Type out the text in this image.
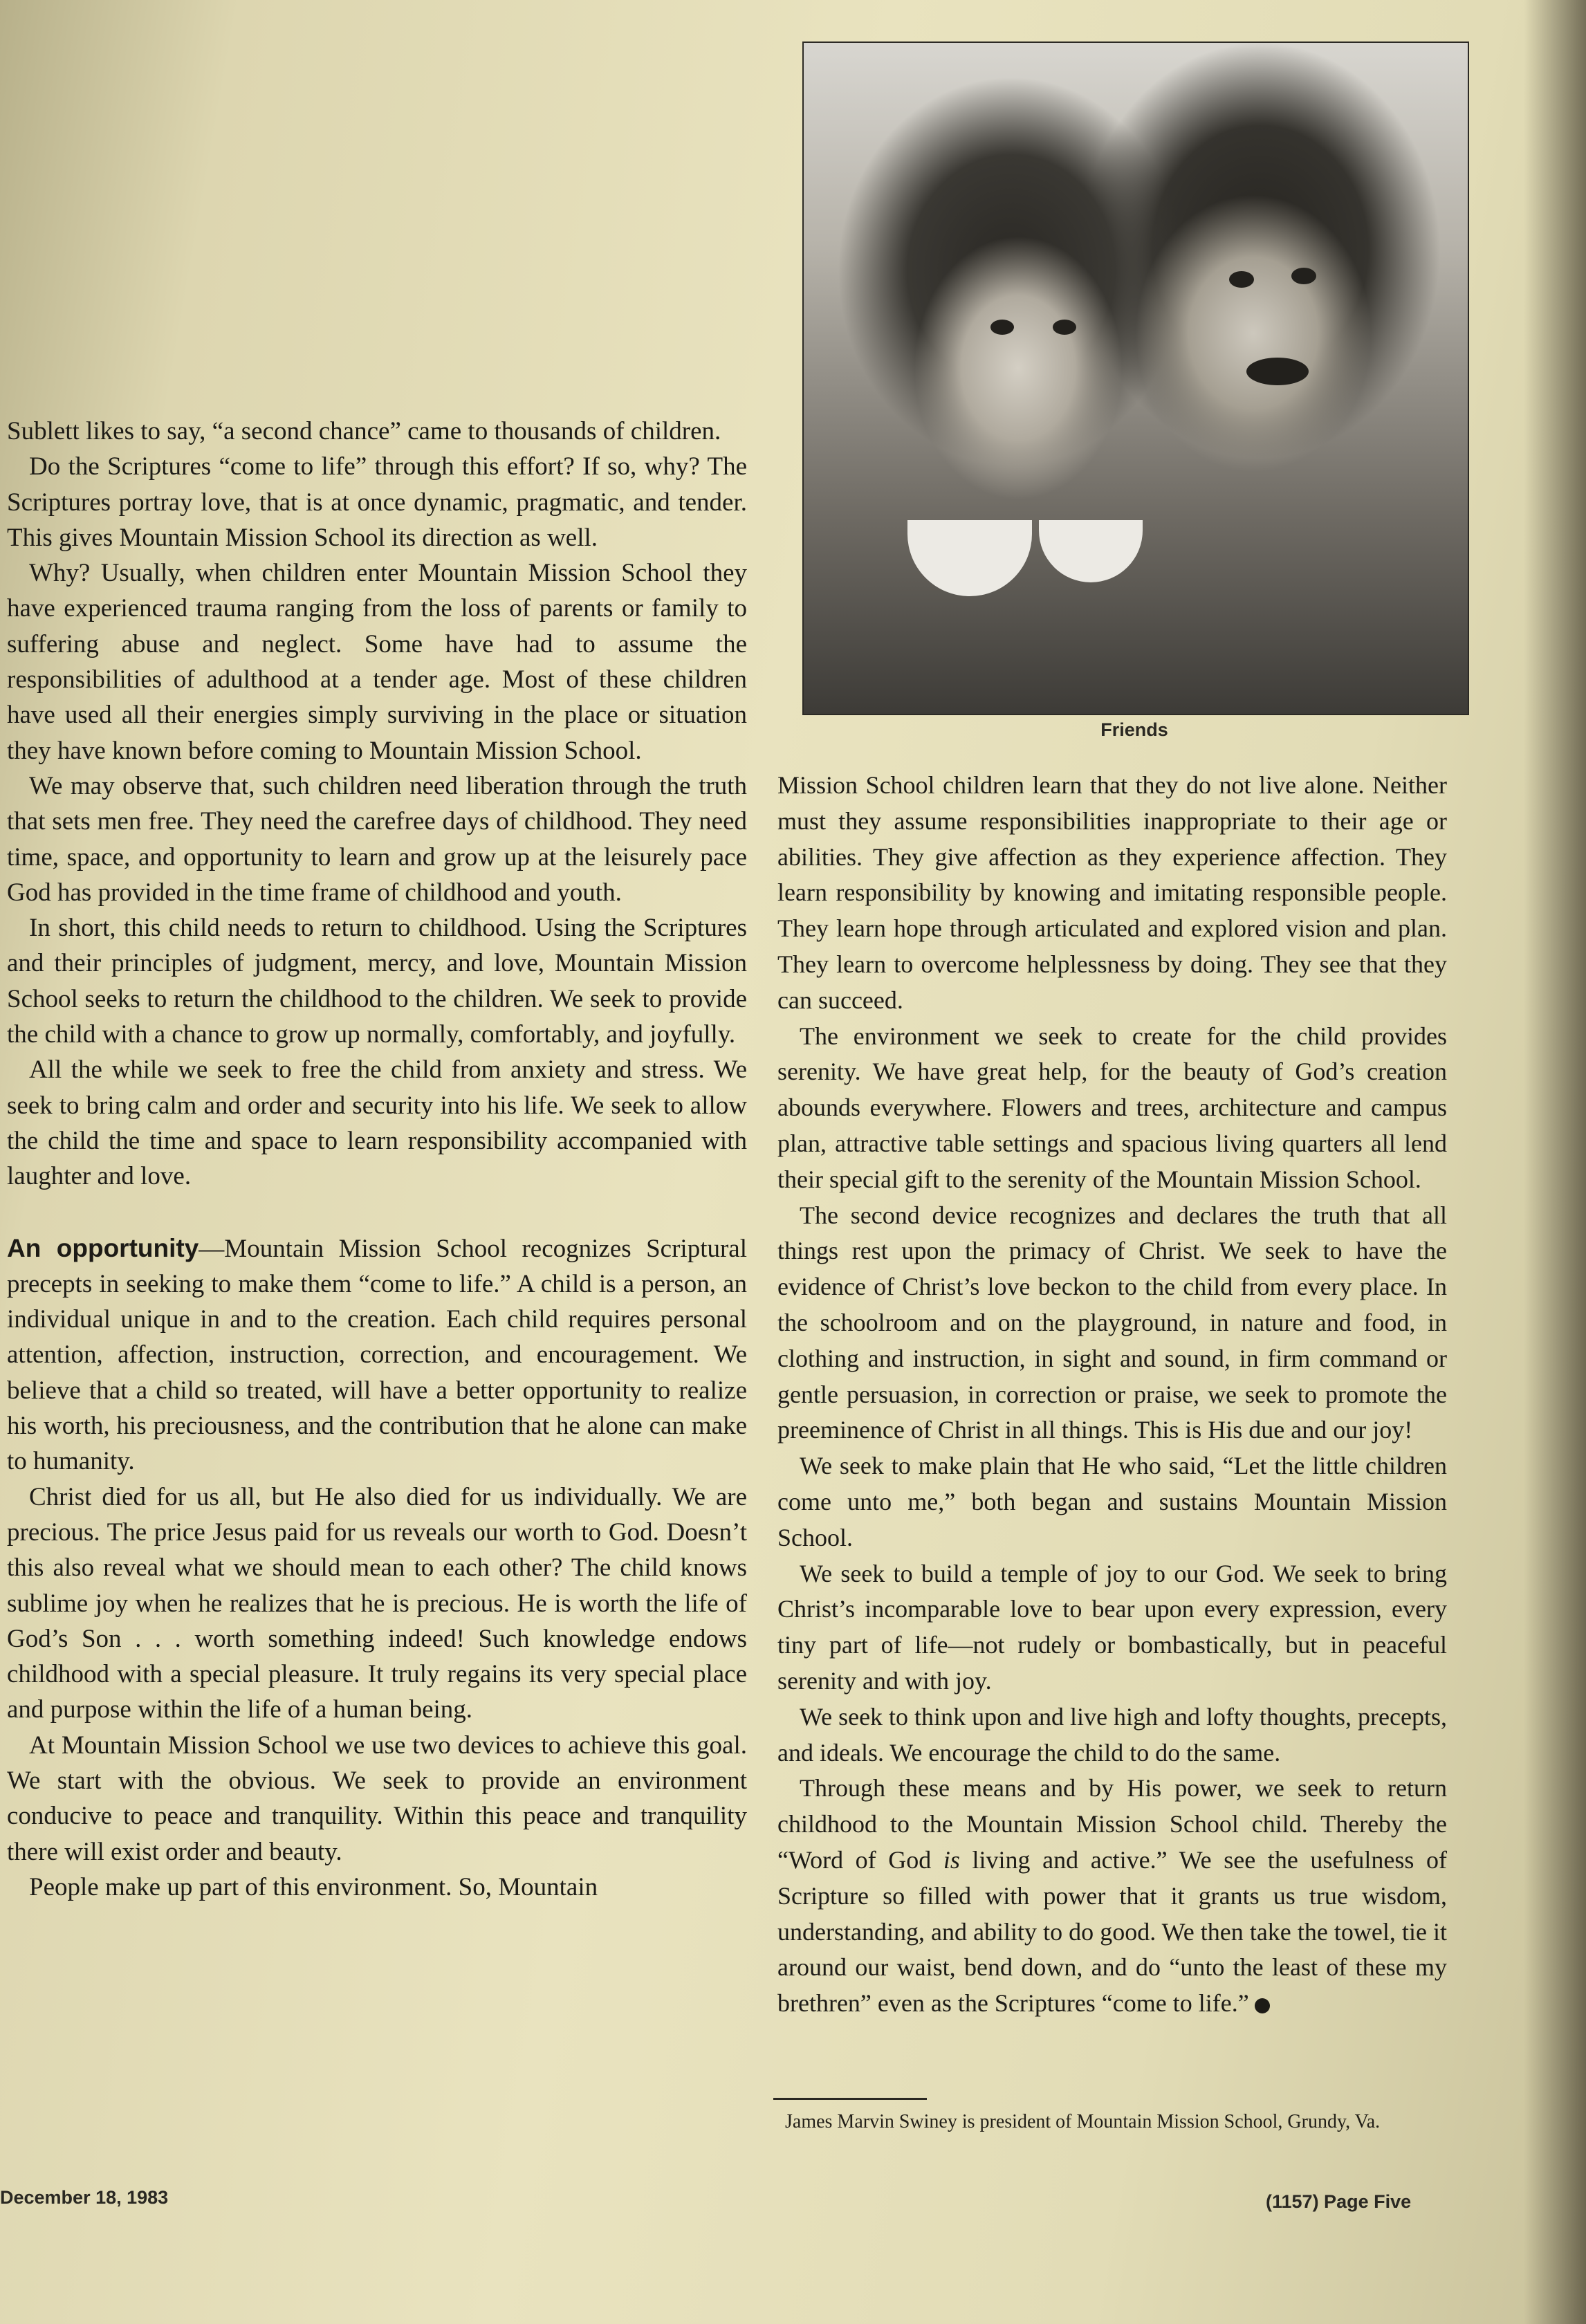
Friends

Sublett likes to say, “a second chance” came to thousands of children.

Do the Scriptures “come to life” through this effort? If so, why? The Scriptures portray love, that is at once dynamic, pragmatic, and tender. This gives Mountain Mission School its direction as well.

Why? Usually, when children enter Mountain Mission School they have experienced trauma ranging from the loss of parents or family to suffering abuse and neglect. Some have had to assume the responsibilities of adulthood at a tender age. Most of these children have used all their energies simply surviving in the place or situation they have known before coming to Mountain Mission School.

We may observe that, such children need liberation through the truth that sets men free. They need the carefree days of childhood. They need time, space, and opportunity to learn and grow up at the leisurely pace God has provided in the time frame of childhood and youth.

In short, this child needs to return to childhood. Using the Scriptures and their principles of judgment, mercy, and love, Mountain Mission School seeks to return the childhood to the children. We seek to provide the child with a chance to grow up normally, comfortably, and joyfully.

All the while we seek to free the child from anxiety and stress. We seek to bring calm and order and security into his life. We seek to allow the child the time and space to learn responsibility accompanied with laughter and love.

An opportunity—Mountain Mission School recognizes Scriptural precepts in seeking to make them “come to life.” A child is a person, an individual unique in and to the creation. Each child requires personal attention, affection, instruction, correction, and encouragement. We believe that a child so treated, will have a better opportunity to realize his worth, his preciousness, and the contribution that he alone can make to humanity.

Christ died for us all, but He also died for us individually. We are precious. The price Jesus paid for us reveals our worth to God. Doesn’t this also reveal what we should mean to each other? The child knows sublime joy when he realizes that he is precious. He is worth the life of God’s Son . . . worth something indeed! Such knowledge endows childhood with a special pleasure. It truly regains its very special place and purpose within the life of a human being.

At Mountain Mission School we use two devices to achieve this goal. We start with the obvious. We seek to provide an environment conducive to peace and tranquility. Within this peace and tranquility there will exist order and beauty.

People make up part of this environment. So, Mountain

Mission School children learn that they do not live alone. Neither must they assume responsibilities inappropriate to their age or abilities. They give affection as they experience affection. They learn responsibility by knowing and imitating responsible people. They learn hope through articulated and explored vision and plan. They learn to overcome helplessness by doing. They see that they can succeed.

The environment we seek to create for the child provides serenity. We have great help, for the beauty of God’s creation abounds everywhere. Flowers and trees, architecture and campus plan, attractive table settings and spacious living quarters all lend their special gift to the serenity of the Mountain Mission School.

The second device recognizes and declares the truth that all things rest upon the primacy of Christ. We seek to have the evidence of Christ’s love beckon to the child from every place. In the schoolroom and on the playground, in nature and food, in clothing and instruction, in sight and sound, in firm command or gentle persuasion, in correction or praise, we seek to promote the preeminence of Christ in all things. This is His due and our joy!

We seek to make plain that He who said, “Let the little children come unto me,” both began and sustains Mountain Mission School.

We seek to build a temple of joy to our God. We seek to bring Christ’s incomparable love to bear upon every expression, every tiny part of life—not rudely or bombastically, but in peaceful serenity and with joy.

We seek to think upon and live high and lofty thoughts, precepts, and ideals. We encourage the child to do the same.

Through these means and by His power, we seek to return childhood to the Mountain Mission School child. Thereby the “Word of God is living and active.” We see the usefulness of Scripture so filled with power that it grants us true wisdom, understanding, and ability to do good. We then take the towel, tie it around our waist, bend down, and do “unto the least of these my brethren” even as the Scriptures “come to life.”

James Marvin Swiney is president of Mountain Mission School, Grundy, Va.
December 18, 1983	(1157) Page Five
